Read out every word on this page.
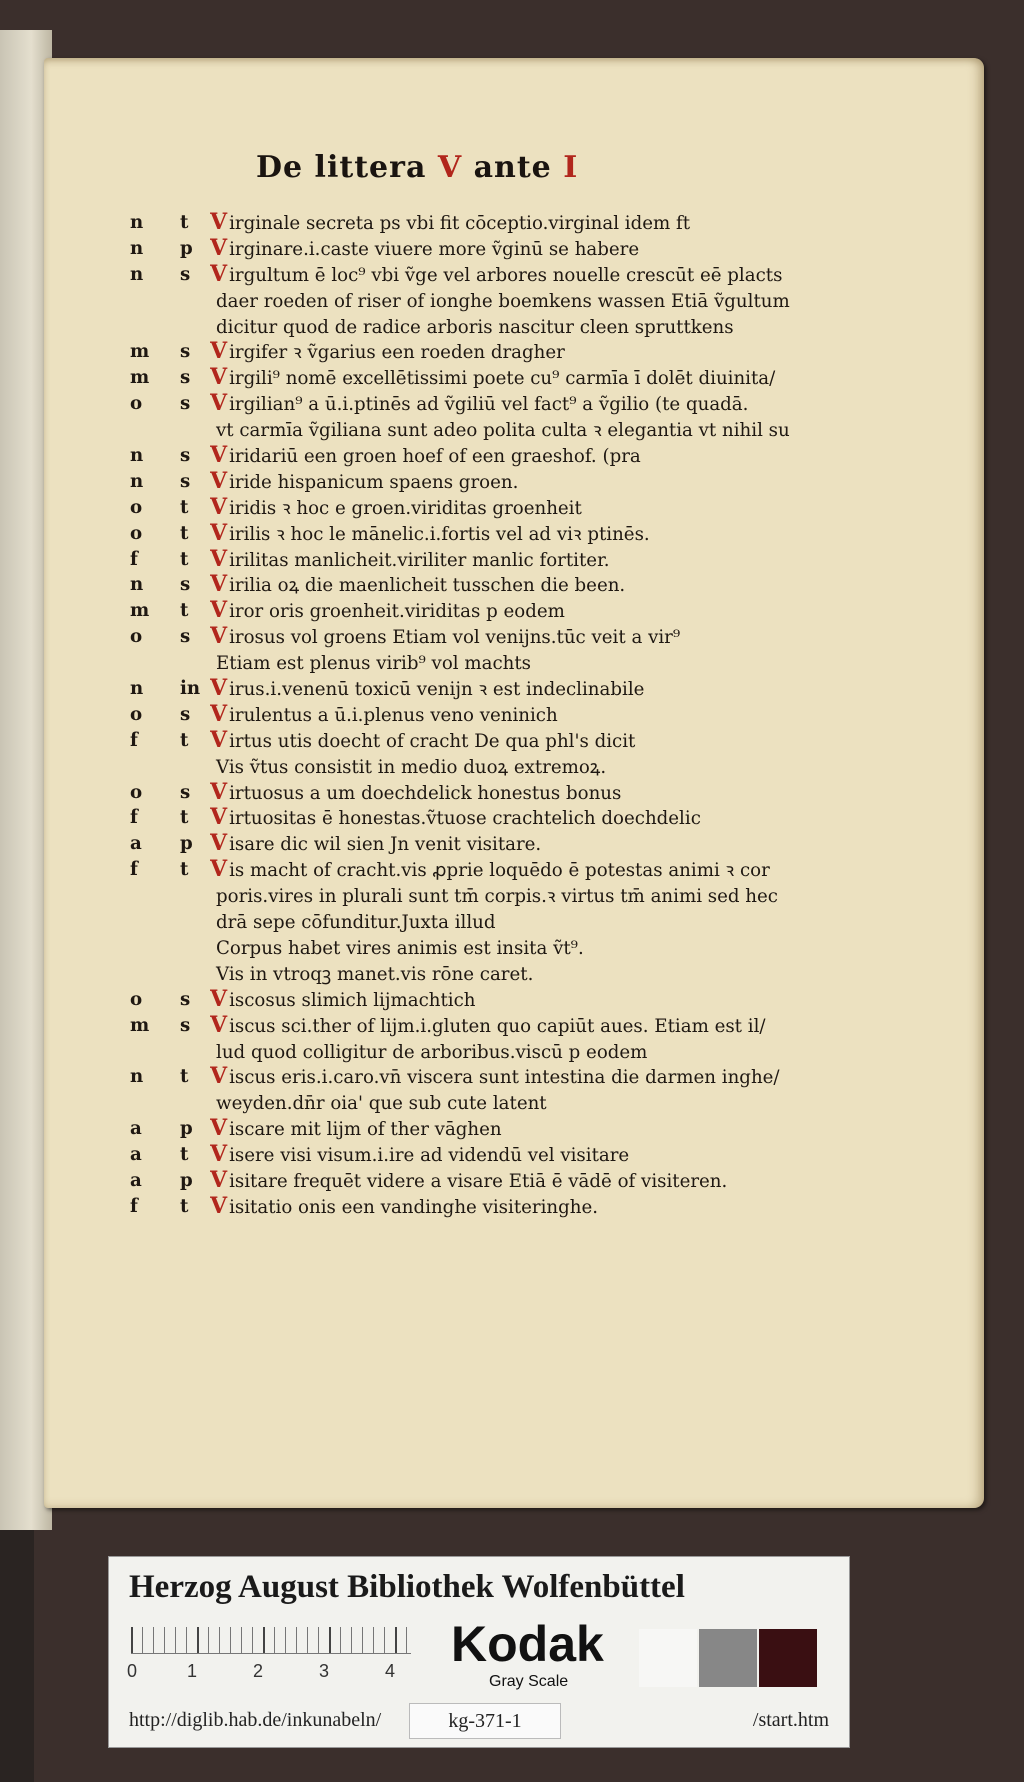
De littera V ante I
n	t V irginale secreta ps vbi fit cōceptio.virginal idem ft
n	p V irginare.i.caste viuere more ṽginū se habere
n	s V irgultum ē loc⁹ vbi ṽge vel arbores nouelle crescūt eē placts
daer roeden of riser of ionghe boemkens wassen Etiā ṽgultum
dicitur quod de radice arboris nascitur cleen spruttkens
m	s V irgifer ꝛ ṽgarius een roeden dragher
m	s V irgili⁹ nomē excellētissimi poete cu⁹ carmīa ī dolēt diuinita/
o	s V irgilian⁹ a ū.i.ptinēs ad ṽgiliū vel fact⁹ a ṽgilio (te quadā.
vt carmīa ṽgiliana sunt adeo polita culta ꝛ elegantia vt nihil su
n	s V iridariū een groen hoef of een graeshof. (pra
n	s V iride hispanicum spaens groen.
o	t V iridis ꝛ hoc e groen.viriditas groenheit
o	t V irilis ꝛ hoc le mānelic.i.fortis vel ad viꝛ ptinēs.
f	t V irilitas manlicheit.viriliter manlic fortiter.
n	s V irilia oꝝ die maenlicheit tusschen die been.
m	t V iror oris groenheit.viriditas p eodem
o	s V irosus vol groens Etiam vol venijns.tūc veit a vir⁹
Etiam est plenus virib⁹ vol machts
n	in V irus.i.venenū toxicū venijn ꝛ est indeclinabile
o	s V irulentus a ū.i.plenus veno veninich
f	t V irtus utis doecht of cracht De qua phl's dicit
Vis ṽtus consistit in medio duoꝝ extremoꝝ.
o	s V irtuosus a um doechdelick honestus bonus
f	t V irtuositas ē honestas.ṽtuose crachtelich doechdelic
a	p V isare dic wil sien Jn venit visitare.
f	t V is macht of cracht.vis ꝓprie loquēdo ē potestas animi ꝛ cor
poris.vires in plurali sunt tm̄ corpis.ꝛ virtus tm̄ animi sed hec
drā sepe cōfunditur.Juxta illud
Corpus habet vires animis est insita ṽt⁹.
Vis in vtroqꝫ manet.vis rōne caret.
o	s V iscosus slimich lijmachtich
m	s V iscus sci.ther of lijm.i.gluten quo capiūt aues. Etiam est il/
lud quod colligitur de arboribus.viscū p eodem
n	t V iscus eris.i.caro.vn̄ viscera sunt intestina die darmen inghe/
weyden.dn̄r oia' que sub cute latent
a	p V iscare mit lijm of ther vāghen
a	t V isere visi visum.i.ire ad videndū vel visitare
a	p V isitare frequēt videre a visare Etiā ē vādē of visiteren.
f	t V isitatio onis een vandinghe visiteringhe.
Herzog August Bibliothek Wolfenbüttel
0	1	2	3	4 Kodak
Gray Scale
http://diglib.hab.de/inkunabeln/	kg-371-1	/start.htm
